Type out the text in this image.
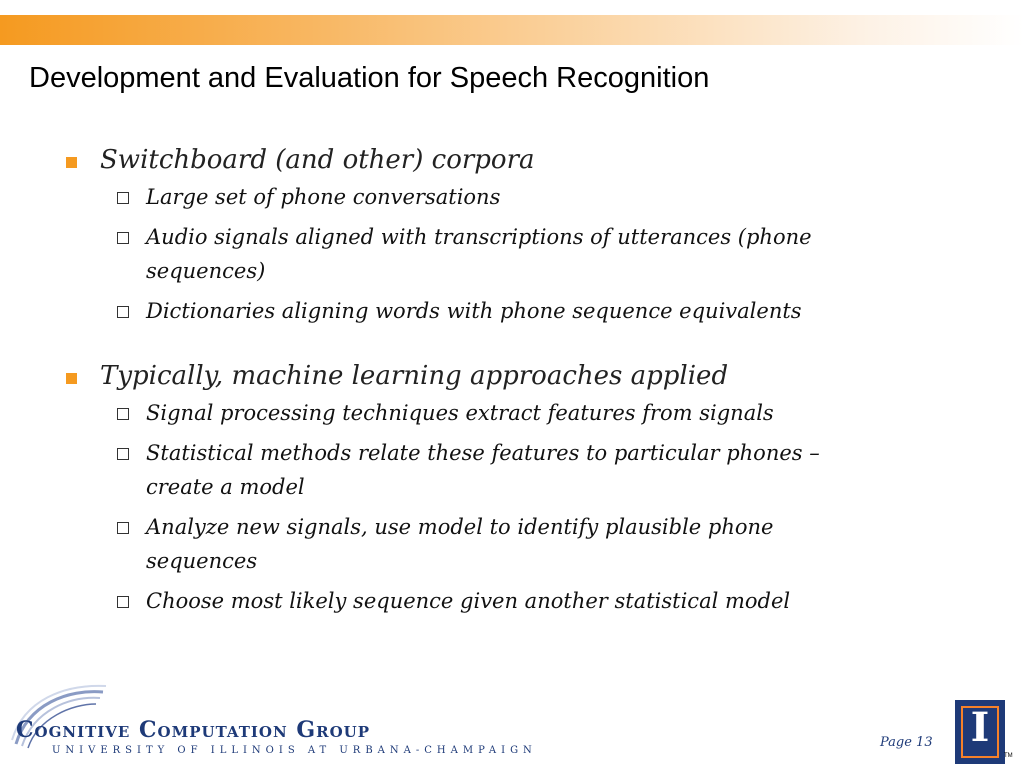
Development and Evaluation for Speech Recognition
Switchboard (and other) corpora
Large set of phone conversations
Audio signals aligned with transcriptions of utterances (phone sequences)
Dictionaries aligning words with phone sequence equivalents
Typically, machine learning approaches applied
Signal processing techniques extract features from signals
Statistical methods relate these features to particular phones – create a model
Analyze new signals, use model to identify plausible phone sequences
Choose most likely sequence given another statistical model
Cognitive Computation Group
UNIVERSITY OF ILLINOIS AT URBANA-CHAMPAIGN
Page 13 I
TM
